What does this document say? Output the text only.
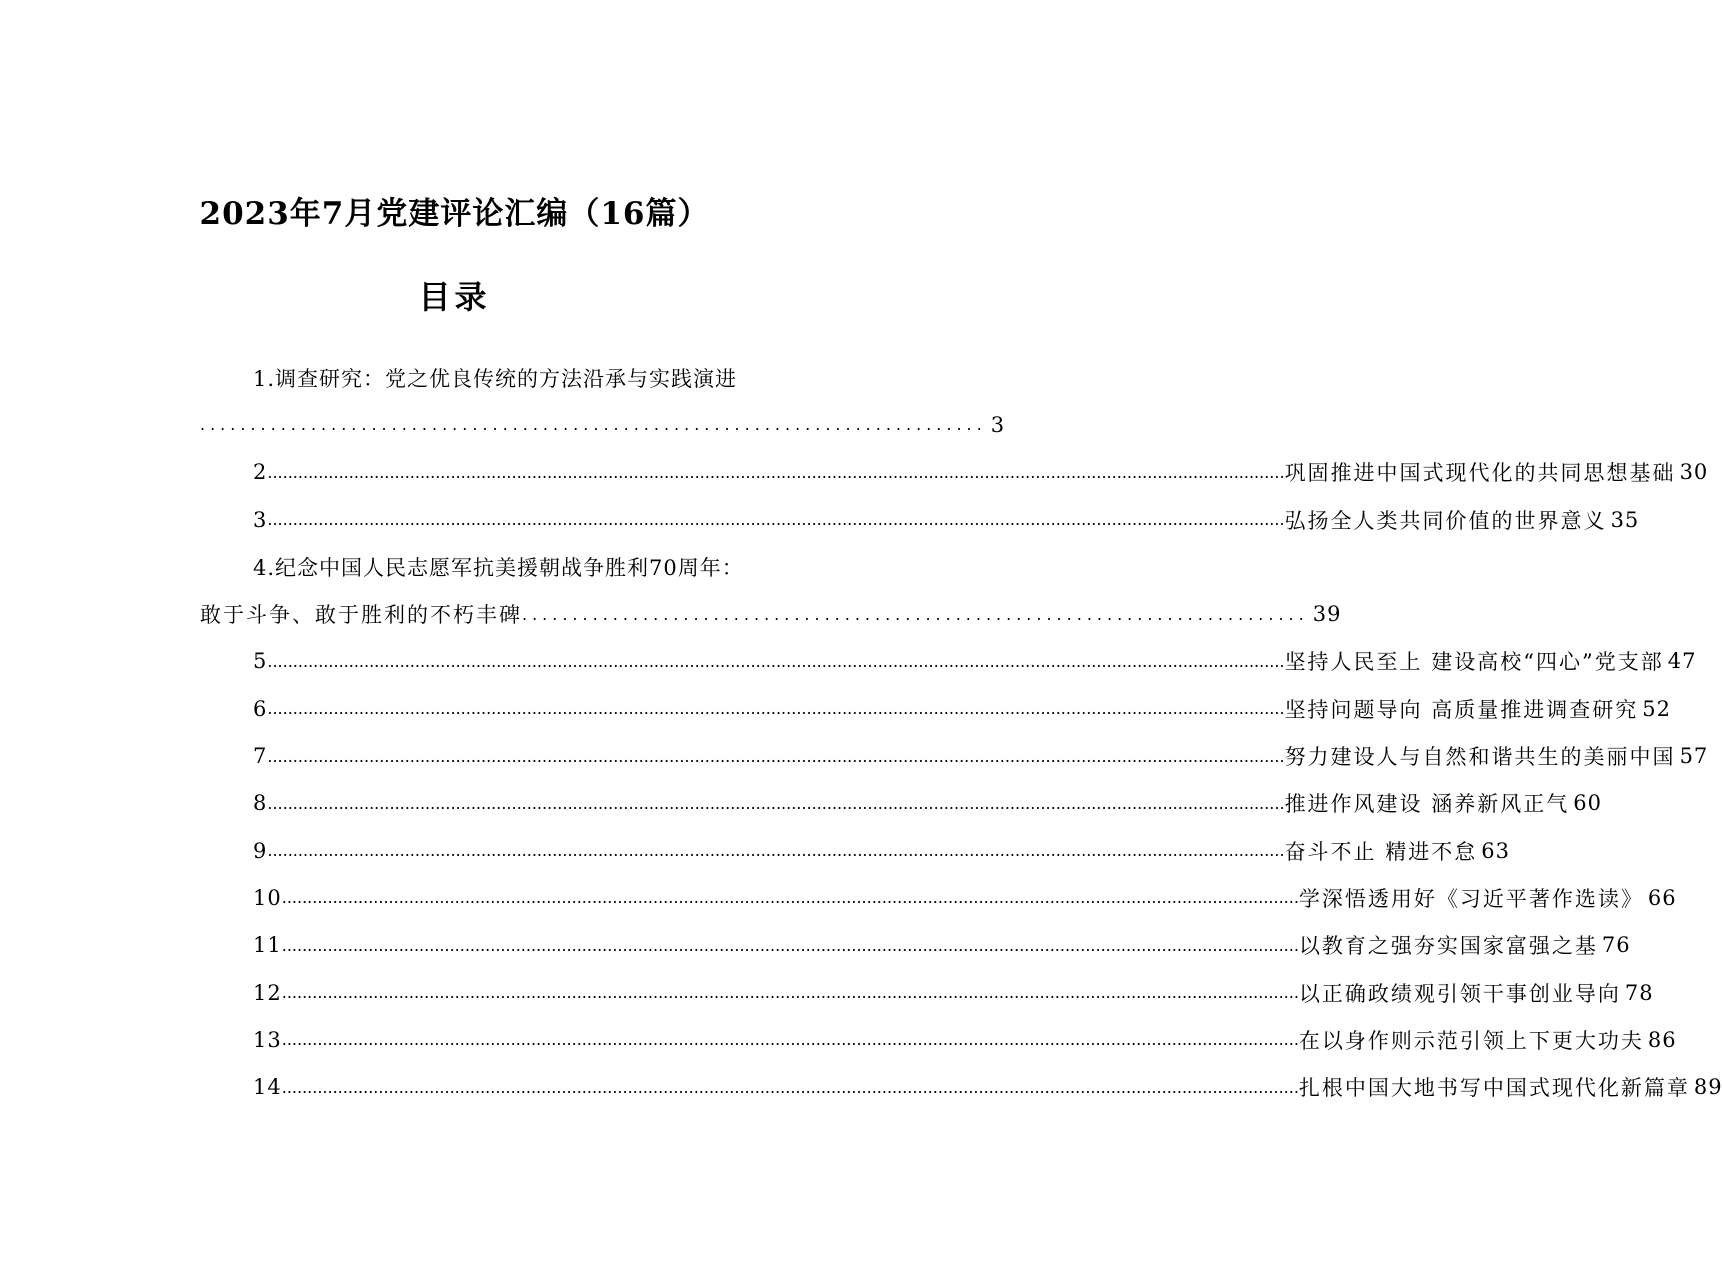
2023年7月党建评论汇编（16篇）
目录
1.调查研究：党之优良传统的方法沿承与实践演进
.............................................................................. 3
2 ........................................................................................................................................................................................................ 巩固推进中国式现代化的共同思想基础 30
3 ........................................................................................................................................................................................................ 弘扬全人类共同价值的世界意义 35
4.纪念中国人民志愿军抗美援朝战争胜利70周年：
敢于斗争、敢于胜利的不朽丰碑 .............................................................................. 39
5 ........................................................................................................................................................................................................ 坚持人民至上 建设高校“四心”党支部 47
6 ........................................................................................................................................................................................................ 坚持问题导向 高质量推进调查研究 52
7 ........................................................................................................................................................................................................ 努力建设人与自然和谐共生的美丽中国 57
8 ........................................................................................................................................................................................................ 推进作风建设 涵养新风正气 60
9 ........................................................................................................................................................................................................ 奋斗不止 精进不怠 63
10 ........................................................................................................................................................................................................ 学深悟透用好《习近平著作选读》 66
11 ........................................................................................................................................................................................................ 以教育之强夯实国家富强之基 76
12 ........................................................................................................................................................................................................ 以正确政绩观引领干事创业导向 78
13 ........................................................................................................................................................................................................ 在以身作则示范引领上下更大功夫 86
14 ........................................................................................................................................................................................................ 扎根中国大地书写中国式现代化新篇章 89
